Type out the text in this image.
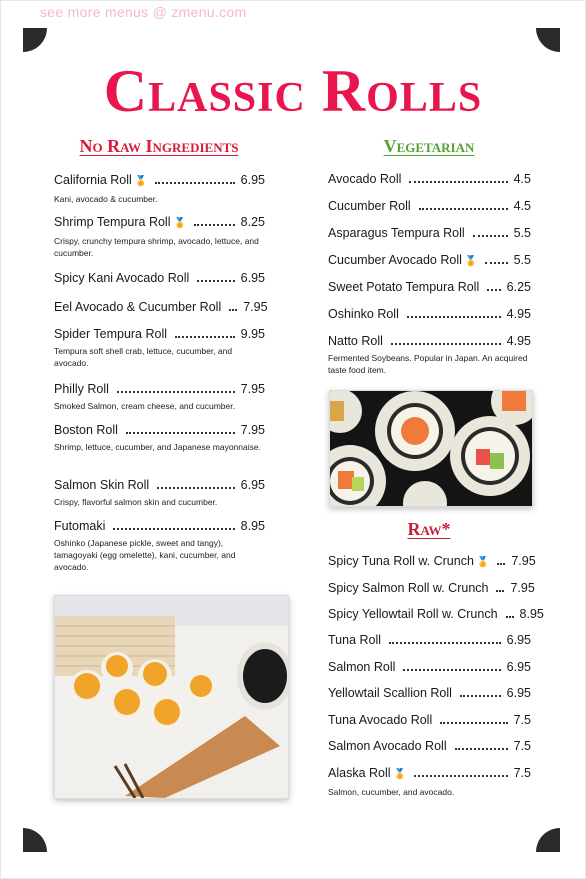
see more menus @ zmenu.com
Classic Rolls
No Raw Ingredients	Vegetarian
Raw*
California Roll 🏅	6.95
Kani, avocado & cucumber.
Shrimp Tempura Roll 🏅	8.25
Crispy, crunchy tempura shrimp, avocado, lettuce, and cucumber.
Spicy Kani Avocado Roll	6.95
Eel Avocado & Cucumber Roll 7.95
Spider Tempura Roll	9.95
Tempura soft shell crab, lettuce, cucumber, and avocado.
Philly Roll	7.95
Smoked Salmon, cream cheese, and cucumber.
Boston Roll	7.95
Shrimp, lettuce, cucumber, and Japanese mayonnaise.
Salmon Skin Roll	6.95
Crispy, flavorful salmon skin and cucumber.
Futomaki	8.95
Oshinko (Japanese pickle, sweet and tangy), tamagoyaki (egg omelette), kani, cucumber, and avocado.
Avocado Roll	4.5
Cucumber Roll	4.5
Asparagus Tempura Roll	5.5
Cucumber Avocado Roll 🏅	5.5
Sweet Potato Tempura Roll 6.25
Oshinko Roll	4.95
Natto Roll	4.95
Fermented Soybeans. Popular in Japan. An acquired taste food item.
Spicy Tuna Roll w. Crunch 🏅 7.95
Spicy Salmon Roll w. Crunch 7.95
Spicy Yellowtail Roll w. Crunch 8.95
Tuna Roll	6.95
Salmon Roll	6.95
Yellowtail Scallion Roll	6.95
Tuna Avocado Roll	7.5
Salmon Avocado Roll	7.5
Alaska Roll 🏅	7.5
Salmon, cucumber, and avocado.
